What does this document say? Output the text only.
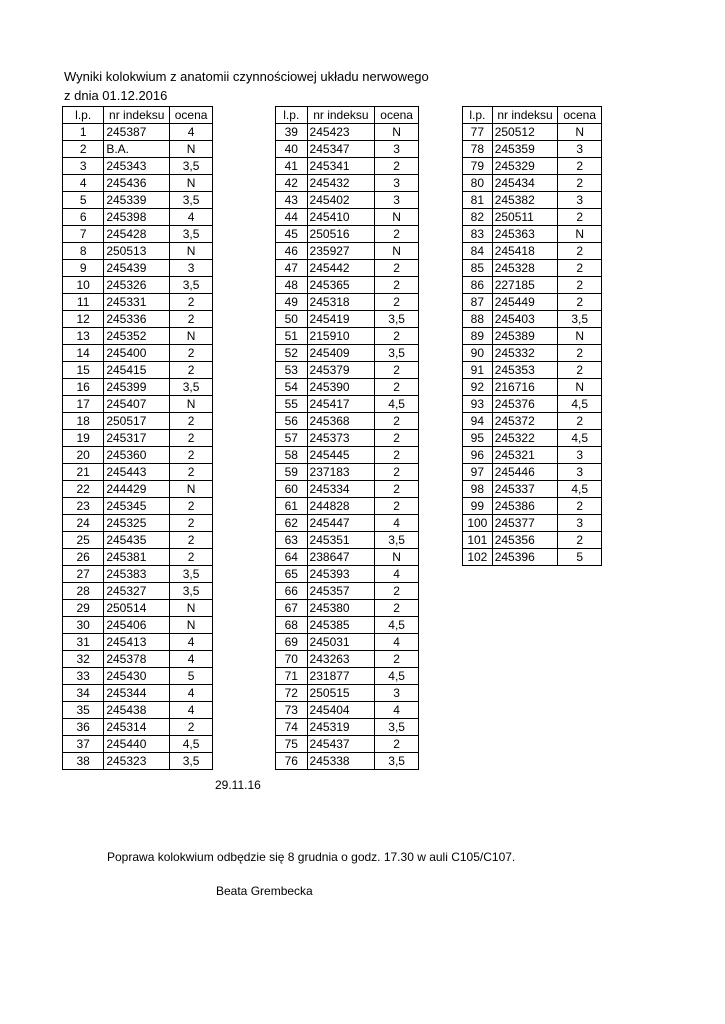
Wyniki kolokwium z anatomii czynnościowej układu nerwowego
z dnia 01.12.2016
l.p.	nr indeksu	ocena
1	245387	4
2	B.A.	N
3	245343	3,5
4	245436	N
5	245339	3,5
6	245398	4
7	245428	3,5
8	250513	N
9	245439	3
10	245326	3,5
11	245331	2
12	245336	2
13	245352	N
14	245400	2
15	245415	2
16	245399	3,5
17	245407	N
18	250517	2
19	245317	2
20	245360	2
21	245443	2
22	244429	N
23	245345	2
24	245325	2
25	245435	2
26	245381	2
27	245383	3,5
28	245327	3,5
29	250514	N
30	245406	N
31	245413	4
32	245378	4
33	245430	5
34	245344	4
35	245438	4
36	245314	2
37	245440	4,5
38	245323	3,5
l.p.	nr indeksu	ocena
39	245423	N
40	245347	3
41	245341	2
42	245432	3
43	245402	3
44	245410	N
45	250516	2
46	235927	N
47	245442	2
48	245365	2
49	245318	2
50	245419	3,5
51	215910	2
52	245409	3,5
53	245379	2
54	245390	2
55	245417	4,5
56	245368	2
57	245373	2
58	245445	2
59	237183	2
60	245334	2
61	244828	2
62	245447	4
63	245351	3,5
64	238647	N
65	245393	4
66	245357	2
67	245380	2
68	245385	4,5
69	245031	4
70	243263	2
71	231877	4,5
72	250515	3
73	245404	4
74	245319	3,5
75	245437	2
76	245338	3,5
l.p.	nr indeksu	ocena
77	250512	N
78	245359	3
79	245329	2
80	245434	2
81	245382	3
82	250511	2
83	245363	N
84	245418	2
85	245328	2
86	227185	2
87	245449	2
88	245403	3,5
89	245389	N
90	245332	2
91	245353	2
92	216716	N
93	245376	4,5
94	245372	2
95	245322	4,5
96	245321	3
97	245446	3
98	245337	4,5
99	245386	2
100	245377	3
101	245356	2
102	245396	5
29.11.16
Poprawa kolokwium odbędzie się 8 grudnia o godz. 17.30 w auli C105/C107.
Beata Grembecka
